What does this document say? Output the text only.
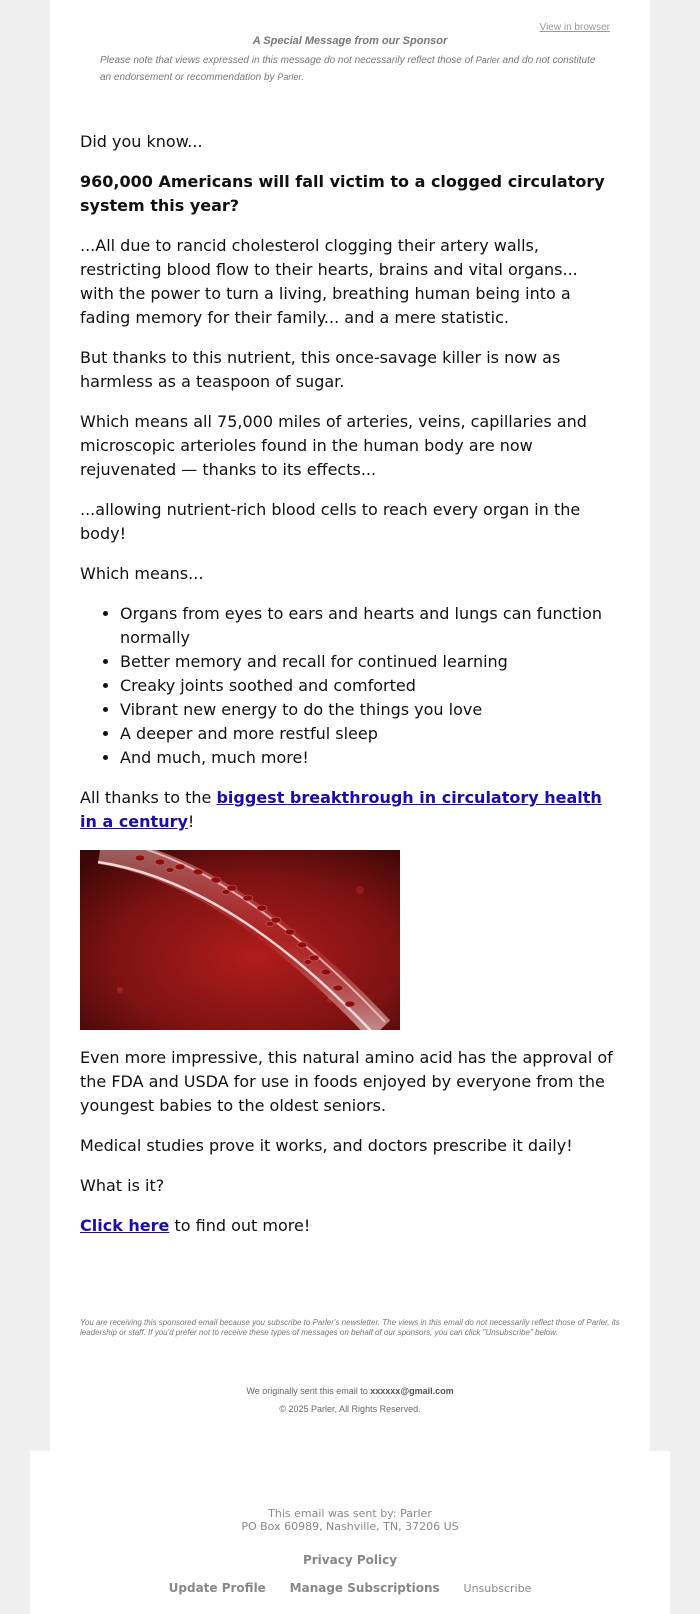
View in browser
A Special Message from our Sponsor
Please note that views expressed in this message do not necessarily reflect those of Parler and do not constitute an endorsement or recommendation by Parler.

Did you know...

960,000 Americans will fall victim to a clogged circulatory system this year?

...All due to rancid cholesterol clogging their artery walls, restricting blood flow to their hearts, brains and vital organs... with the power to turn a living, breathing human being into a fading memory for their family... and a mere statistic.

But thanks to this nutrient, this once-savage killer is now as harmless as a teaspoon of sugar.

Which means all 75,000 miles of arteries, veins, capillaries and microscopic arterioles found in the human body are now rejuvenated — thanks to its effects...

...allowing nutrient-rich blood cells to reach every organ in the body!

Which means...

• Organs from eyes to ears and hearts and lungs can function normally
• Better memory and recall for continued learning
• Creaky joints soothed and comforted
• Vibrant new energy to do the things you love
• A deeper and more restful sleep
• And much, much more!

All thanks to the biggest breakthrough in circulatory health in a century!

Even more impressive, this natural amino acid has the approval of the FDA and USDA for use in foods enjoyed by everyone from the youngest babies to the oldest seniors.

Medical studies prove it works, and doctors prescribe it daily!

What is it?

Click here to find out more!

You are receiving this sponsored email because you subscribe to Parler's newsletter. The views in this email do not necessarily reflect those of Parler, its leadership or staff. If you'd prefer not to receive these types of messages on behalf of our sponsors, you can click "Unsubscribe" below.
We originally sent this email to xxxxxx@gmail.com
© 2025 Parler, All Rights Reserved.
This email was sent by: Parler
PO Box 60989, Nashville, TN, 37206 US
Privacy Policy
Update Profile Manage Subscriptions Unsubscribe
